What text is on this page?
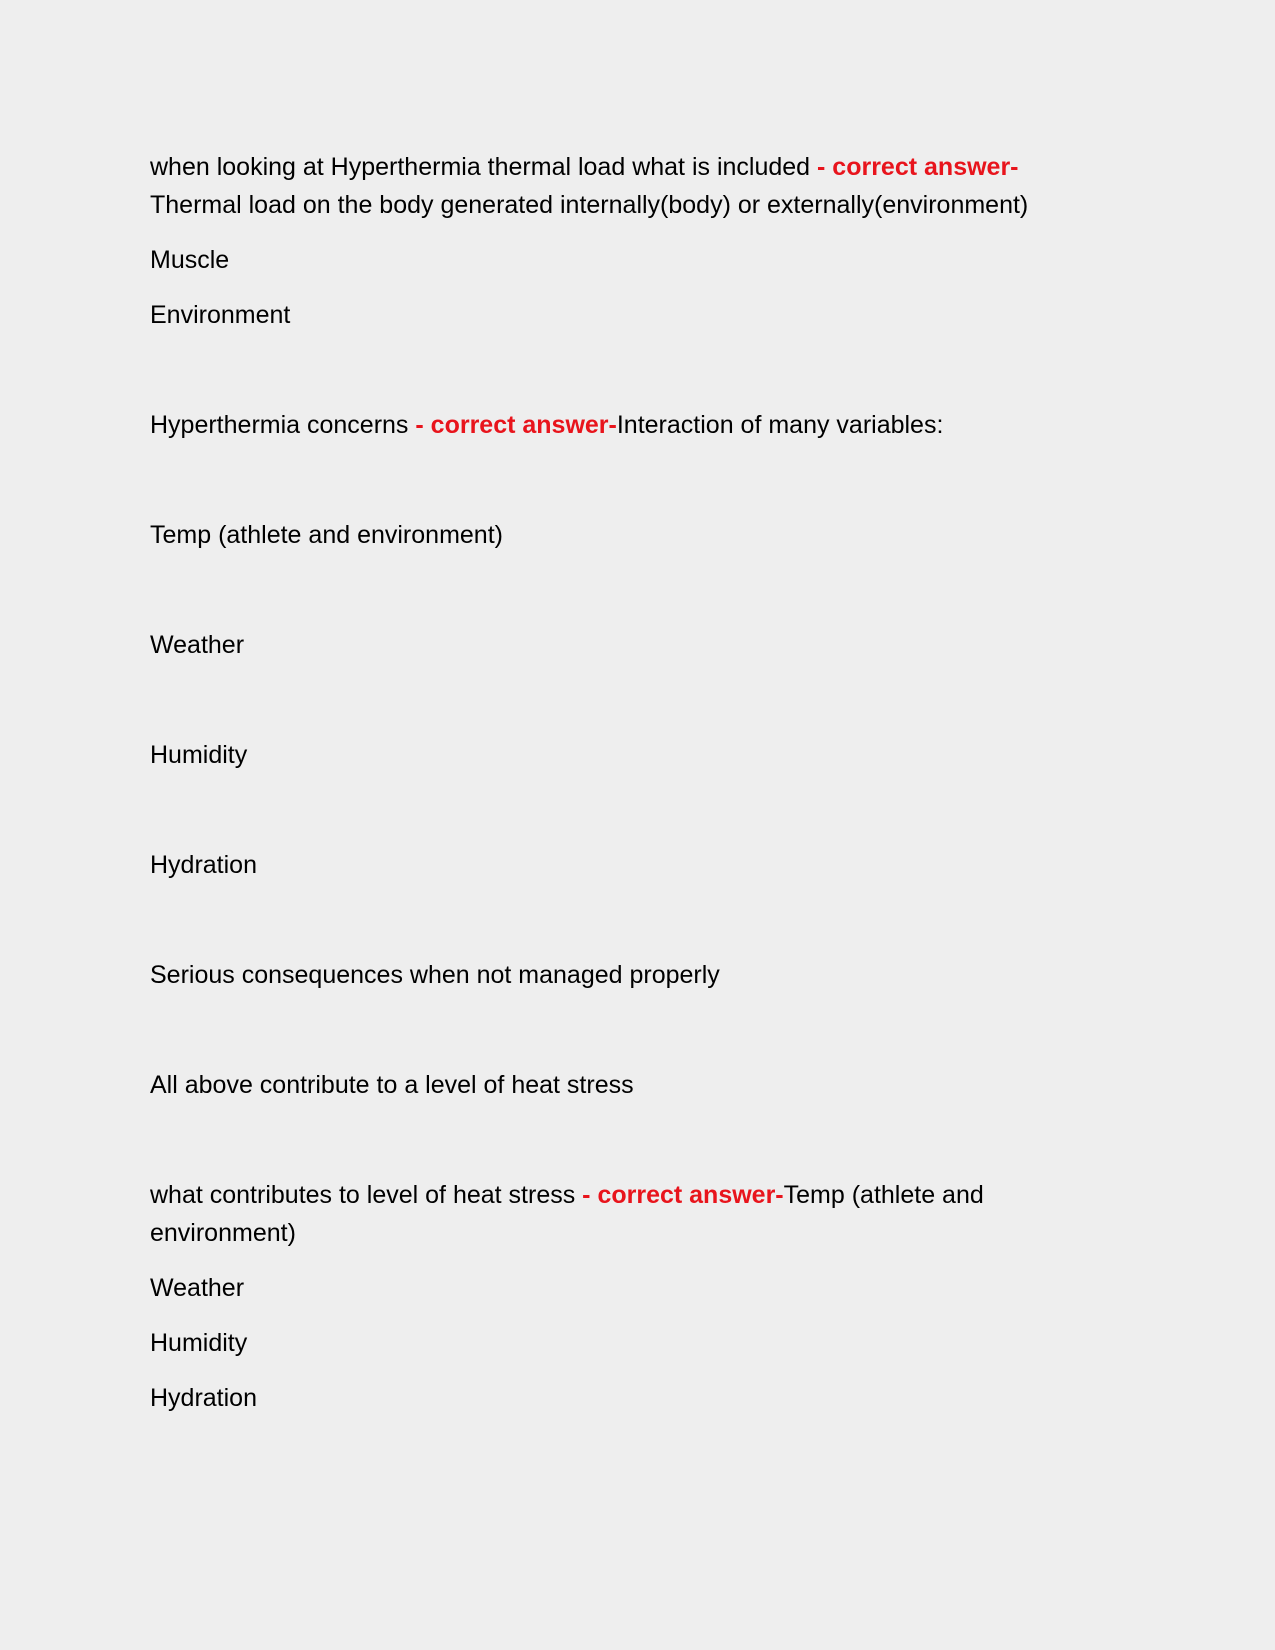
when looking at Hyperthermia thermal load what is included - correct answer-
Thermal load on the body generated internally(body) or externally(environment)
Muscle
Environment
Hyperthermia concerns - correct answer-Interaction of many variables:
Temp (athlete and environment)
Weather
Humidity
Hydration
Serious consequences when not managed properly
All above contribute to a level of heat stress
what contributes to level of heat stress - correct answer-Temp (athlete and
environment)
Weather
Humidity
Hydration
